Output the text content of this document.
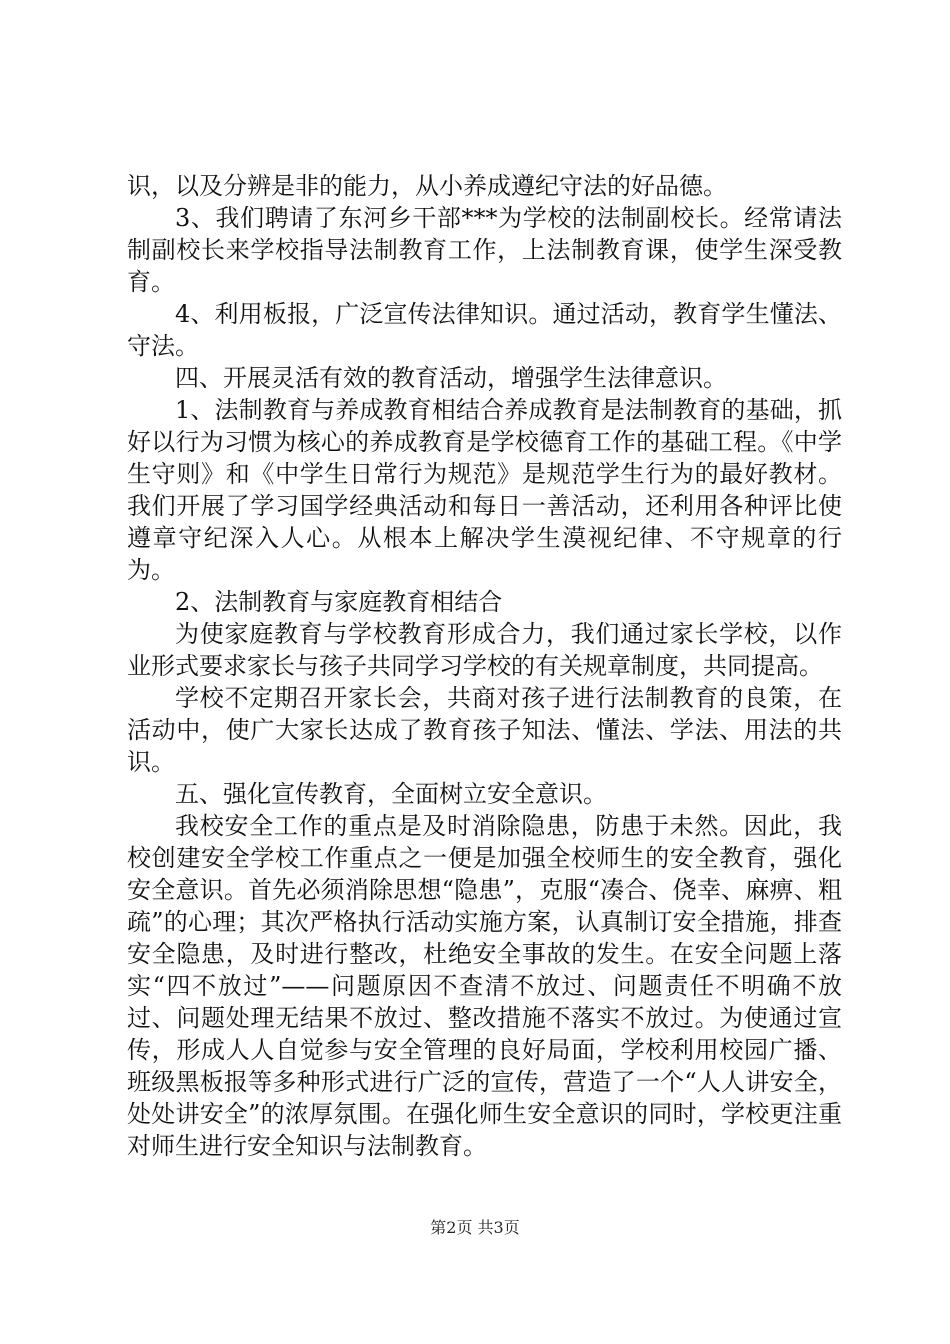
识，以及分辨是非的能力，从小养成遵纪守法的好品德。

3、我们聘请了东河乡干部***为学校的法制副校长。经常请法制副校长来学校指导法制教育工作，上法制教育课，使学生深受教育。

4、利用板报，广泛宣传法律知识。通过活动，教育学生懂法、守法。

四、开展灵活有效的教育活动，增强学生法律意识。

1、法制教育与养成教育相结合养成教育是法制教育的基础，抓好以行为习惯为核心的养成教育是学校德育工作的基础工程。《中学生守则》和《中学生日常行为规范》是规范学生行为的最好教材。我们开展了学习国学经典活动和每日一善活动，还利用各种评比使遵章守纪深入人心。从根本上解决学生漠视纪律、不守规章的行为。

2、法制教育与家庭教育相结合

为使家庭教育与学校教育形成合力，我们通过家长学校，以作业形式要求家长与孩子共同学习学校的有关规章制度，共同提高。

学校不定期召开家长会，共商对孩子进行法制教育的良策，在活动中，使广大家长达成了教育孩子知法、懂法、学法、用法的共识。

五、强化宣传教育，全面树立安全意识。

我校安全工作的重点是及时消除隐患，防患于未然。因此，我校创建安全学校工作重点之一便是加强全校师生的安全教育，强化安全意识。首先必须消除思想“隐患”，克服“凑合、侥幸、麻痹、粗疏”的心理；其次严格执行活动实施方案，认真制订安全措施，排查安全隐患，及时进行整改，杜绝安全事故的发生。在安全问题上落实“四不放过”——问题原因不查清不放过、问题责任不明确不放过、问题处理无结果不放过、整改措施不落实不放过。为使通过宣传，形成人人自觉参与安全管理的良好局面，学校利用校园广播、班级黑板报等多种形式进行广泛的宣传，营造了一个“人人讲安全，处处讲安全”的浓厚氛围。在强化师生安全意识的同时，学校更注重对师生进行安全知识与法制教育。

第2页 共3页
